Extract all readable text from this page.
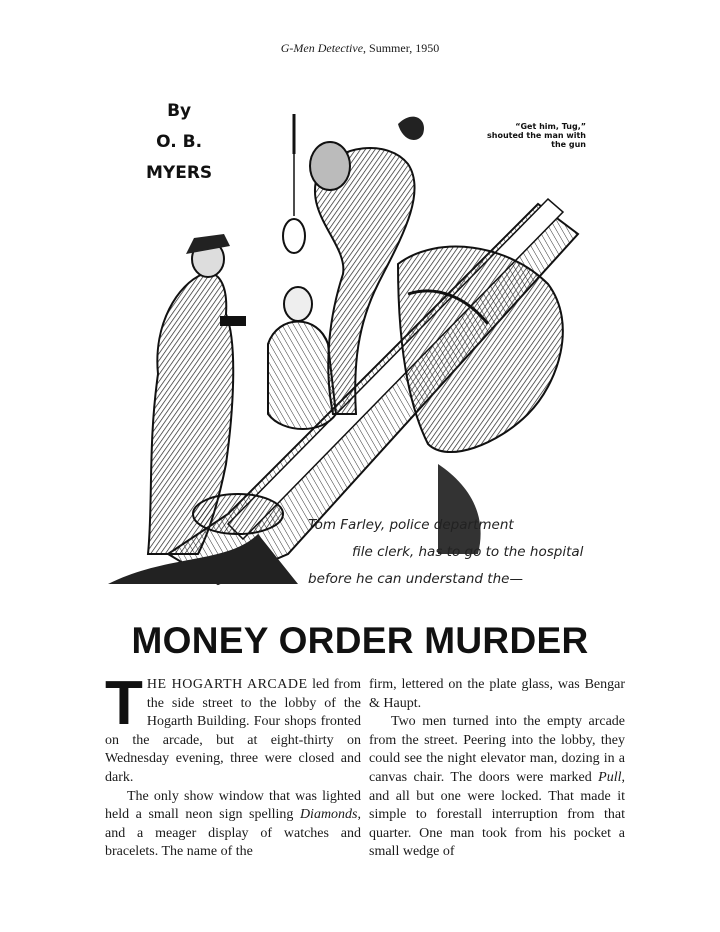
G-Men Detective, Summer, 1950
By
O. B.
MYERS
“Get him, Tug,” shouted the man with the gun
Tom Farley, police department
file clerk, has to go to the hospital
before he can understand the—
MONEY ORDER MURDER

THE HOGARTH ARCADE led from the side street to the lobby of the Hogarth Building. Four shops fronted on the arcade, but at eight-thirty on Wednesday evening, three were closed and dark.

The only show window that was lighted held a small neon sign spelling Diamonds, and a meager display of watches and bracelets. The name of the

firm, lettered on the plate glass, was Bengar & Haupt.

Two men turned into the empty arcade from the street. Peering into the lobby, they could see the night elevator man, dozing in a canvas chair. The doors were marked Pull, and all but one were locked. That made it simple to forestall interruption from that quarter. One man took from his pocket a small wedge of
